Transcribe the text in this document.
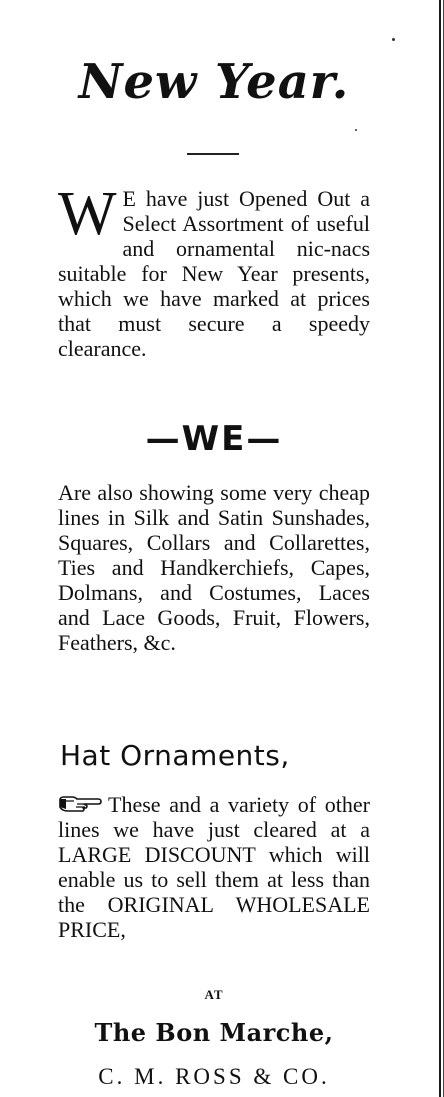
New Year.

W E have just Opened Out a Select Assortment of useful and ornamental nic-nacs suitable for New Year presents, which we have marked at prices that must secure a speedy clearance.

—WE—

Are also showing some very cheap lines in Silk and Satin Sunshades, Squares, Collars and Collarettes, Ties and Handkerchiefs, Capes, Dolmans, and Costumes, Laces and Lace Goods, Fruit, Flowers, Feathers, &c.

Hat Ornaments,

These and a variety of other lines we have just cleared at a LARGE DISCOUNT which will enable us to sell them at less than the ORIGINAL WHOLESALE PRICE,

AT
The Bon Marche,
C. M. ROSS & CO.
